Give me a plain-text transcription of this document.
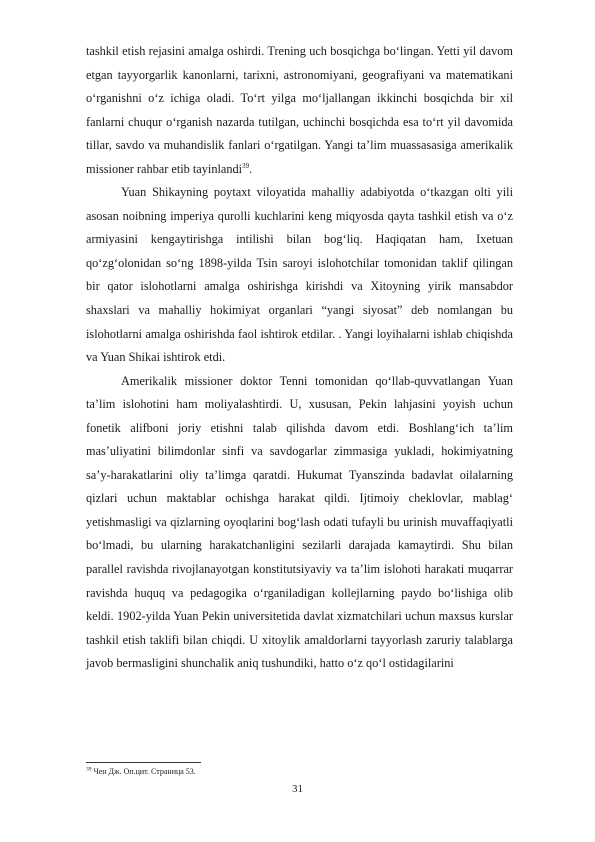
tashkil etish rejasini amalga oshirdi. Trening uch bosqichga bo‘lingan. Yetti yil davom etgan tayyorgarlik kanonlarni, tarixni, astronomiyani, geografiyani va matematikani o‘rganishni o‘z ichiga oladi. To‘rt yilga mo‘ljallangan ikkinchi bosqichda bir xil fanlarni chuqur o‘rganish nazarda tutilgan, uchinchi bosqichda esa to‘rt yil davomida tillar, savdo va muhandislik fanlari o‘rgatilgan. Yangi ta’lim muassasasiga amerikalik missioner rahbar etib tayinlandi$^{39}$.

Yuan Shikayning poytaxt viloyatida mahalliy adabiyotda o‘tkazgan olti yili asosan noibning imperiya qurolli kuchlarini keng miqyosda qayta tashkil etish va o‘z armiyasini kengaytirishga intilishi bilan bog‘liq. Haqiqatan ham, Ixetuan qo‘zg‘olonidan so‘ng 1898-yilda Tsin saroyi islohotchilar tomonidan taklif qilingan bir qator islohotlarni amalga oshirishga kirishdi va Xitoyning yirik mansabdor shaxslari va mahalliy hokimiyat organlari “yangi siyosat” deb nomlangan bu islohotlarni amalga oshirishda faol ishtirok etdilar. . Yangi loyihalarni ishlab chiqishda va Yuan Shikai ishtirok etdi.

Amerikalik missioner doktor Tenni tomonidan qo‘llab-quvvatlangan Yuan ta’lim islohotini ham moliyalashtirdi. U, xususan, Pekin lahjasini yoyish uchun fonetik alifboni joriy etishni talab qilishda davom etdi. Boshlang‘ich ta’lim mas’uliyatini bilimdonlar sinfi va savdogarlar zimmasiga yukladi, hokimiyatning sa’y-harakatlarini oliy ta’limga qaratdi. Hukumat Tyanszinda badavlat oilalarning qizlari uchun maktablar ochishga harakat qildi. Ijtimoiy cheklovlar, mablag‘ yetishmasligi va qizlarning oyoqlarini bog‘lash odati tufayli bu urinish muvaffaqiyatli bo‘lmadi, bu ularning harakatchanligini sezilarli darajada kamaytirdi. Shu bilan parallel ravishda rivojlanayotgan konstitutsiyaviy va ta’lim islohoti harakati muqarrar ravishda huquq va pedagogika o‘rganiladigan kollejlarning paydo bo‘lishiga olib keldi. 1902-yilda Yuan Pekin universitetida davlat xizmatchilari uchun maxsus kurslar tashkil etish taklifi bilan chiqdi. U xitoylik amaldorlarni tayyorlash zaruriy talablarga javob bermasligini shunchalik aniq tushundiki, hatto o‘z qo‘l ostidagilarini

$^{39}$ Чен Дж. Оп.цит. Страница 53.
31
